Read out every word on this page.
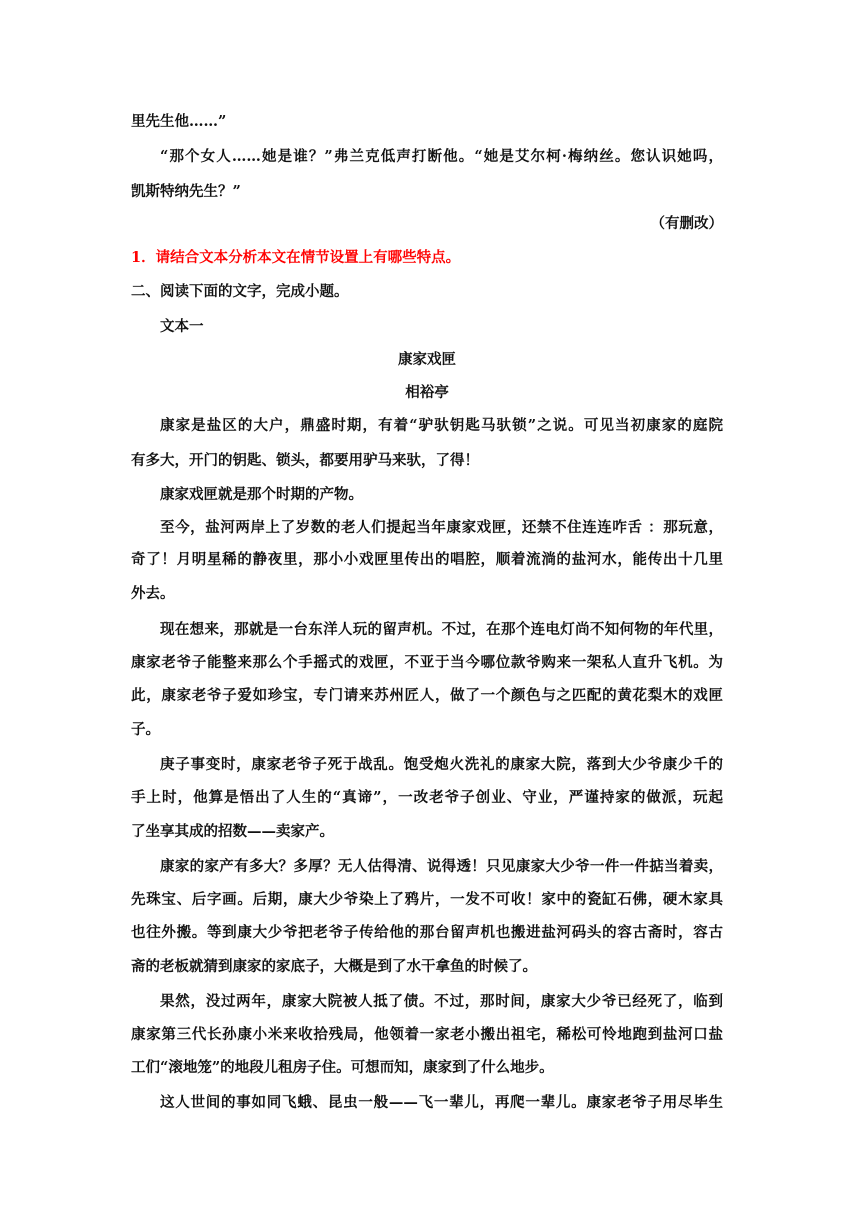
里先生他……”
“那个女人……她是谁？”弗兰克低声打断他。“她是艾尔柯·梅纳丝。您认识她吗，
凯斯特纳先生？”
（有删改）
1．请结合文本分析本文在情节设置上有哪些特点。
二、阅读下面的文字，完成小题。
文本一
康家戏匣
相裕亭
康家是盐区的大户，鼎盛时期，有着“驴驮钥匙马驮锁”之说。可见当初康家的庭院
有多大，开门的钥匙、锁头，都要用驴马来驮，了得！
康家戏匣就是那个时期的产物。
至今，盐河两岸上了岁数的老人们提起当年康家戏匣，还禁不住连连咋舌 ：那玩意，
奇了！月明星稀的静夜里，那小小戏匣里传出的唱腔，顺着流淌的盐河水，能传出十几里
外去。
现在想来，那就是一台东洋人玩的留声机。不过，在那个连电灯尚不知何物的年代里，
康家老爷子能整来那么个手摇式的戏匣，不亚于当今哪位款爷购来一架私人直升飞机。为
此，康家老爷子爱如珍宝，专门请来苏州匠人，做了一个颜色与之匹配的黄花梨木的戏匣
子。
庚子事变时，康家老爷子死于战乱。饱受炮火洗礼的康家大院，落到大少爷康少千的
手上时，他算是悟出了人生的“真谛”，一改老爷子创业、守业，严谨持家的做派，玩起
了坐享其成的招数——卖家产。
康家的家产有多大？多厚？无人估得清、说得透！只见康家大少爷一件一件掂当着卖，
先珠宝、后字画。后期，康大少爷染上了鸦片，一发不可收！家中的瓷缸石佛，硬木家具
也往外搬。等到康大少爷把老爷子传给他的那台留声机也搬进盐河码头的容古斋时，容古
斋的老板就猜到康家的家底子，大概是到了水干拿鱼的时候了。
果然，没过两年，康家大院被人抵了债。不过，那时间，康家大少爷已经死了，临到
康家第三代长孙康小米来收拾残局，他领着一家老小搬出祖宅，稀松可怜地跑到盐河口盐
工们“滚地笼”的地段儿租房子住。可想而知，康家到了什么地步。
这人世间的事如同飞蛾、昆虫一般——飞一辈儿，再爬一辈儿。康家老爷子用尽毕生
